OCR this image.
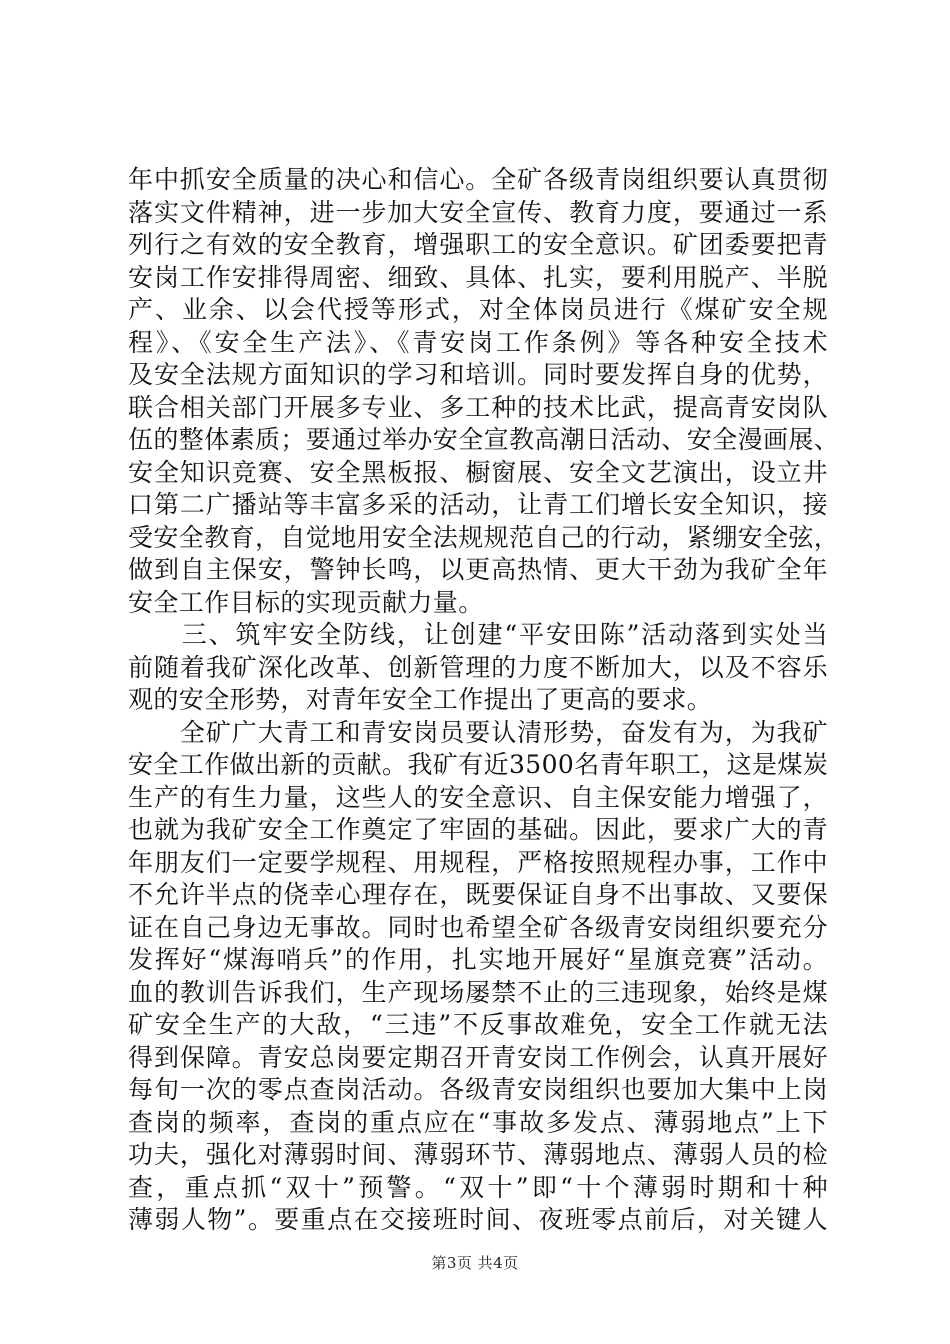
年中抓安全质量的决心和信心。全矿各级青岗组织要认真贯彻
落实文件精神，进一步加大安全宣传、教育力度，要通过一系
列行之有效的安全教育，增强职工的安全意识。矿团委要把青
安岗工作安排得周密、细致、具体、扎实，要利用脱产、半脱
产、业余、以会代授等形式，对全体岗员进行《煤矿安全规
程》、《安全生产法》、《青安岗工作条例》等各种安全技术
及安全法规方面知识的学习和培训。同时要发挥自身的优势，
联合相关部门开展多专业、多工种的技术比武，提高青安岗队
伍的整体素质；要通过举办安全宣教高潮日活动、安全漫画展、
安全知识竞赛、安全黑板报、橱窗展、安全文艺演出，设立井
口第二广播站等丰富多采的活动，让青工们增长安全知识，接
受安全教育，自觉地用安全法规规范自己的行动，紧绷安全弦，
做到自主保安，警钟长鸣，以更高热情、更大干劲为我矿全年
安全工作目标的实现贡献力量。
　　三、筑牢安全防线，让创建“平安田陈”活动落到实处当
前随着我矿深化改革、创新管理的力度不断加大，以及不容乐
观的安全形势，对青年安全工作提出了更高的要求。
　　全矿广大青工和青安岗员要认清形势，奋发有为，为我矿
安全工作做出新的贡献。我矿有近3500名青年职工，这是煤炭
生产的有生力量，这些人的安全意识、自主保安能力增强了，
也就为我矿安全工作奠定了牢固的基础。因此，要求广大的青
年朋友们一定要学规程、用规程，严格按照规程办事，工作中
不允许半点的侥幸心理存在，既要保证自身不出事故、又要保
证在自己身边无事故。同时也希望全矿各级青安岗组织要充分
发挥好“煤海哨兵”的作用，扎实地开展好“星旗竞赛”活动。
血的教训告诉我们，生产现场屡禁不止的三违现象，始终是煤
矿安全生产的大敌，“三违”不反事故难免，安全工作就无法
得到保障。青安总岗要定期召开青安岗工作例会，认真开展好
每旬一次的零点查岗活动。各级青安岗组织也要加大集中上岗
查岗的频率，查岗的重点应在“事故多发点、薄弱地点”上下
功夫，强化对薄弱时间、薄弱环节、薄弱地点、薄弱人员的检
查，重点抓“双十”预警。“双十”即“十个薄弱时期和十种
薄弱人物”。要重点在交接班时间、夜班零点前后，对关键人
第3页 共4页
